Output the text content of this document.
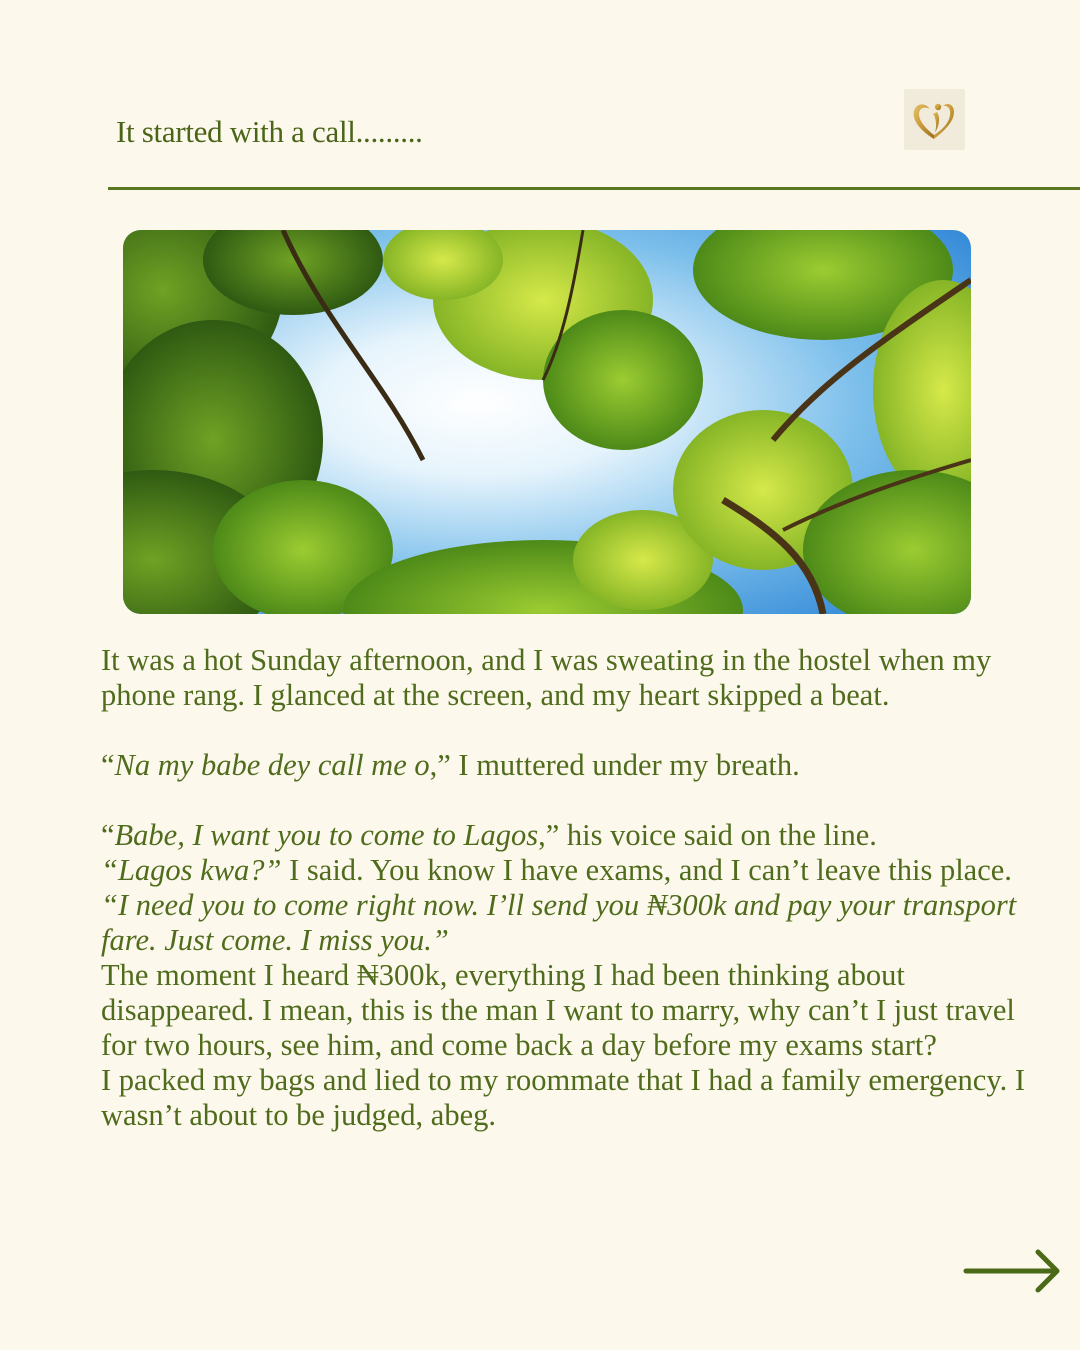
It started with a call.........

It was a hot Sunday afternoon, and I was sweating in the hostel when my phone rang. I glanced at the screen, and my heart skipped a beat.

“Na my babe dey call me o,” I muttered under my breath.

“Babe, I want you to come to Lagos,” his voice said on the line.

“Lagos kwa?” I said. You know I have exams, and I can’t leave this place.

“I need you to come right now. I’ll send you ₦300k and pay your transport fare. Just come. I miss you.”

The moment I heard ₦300k, everything I had been thinking about disappeared. I mean, this is the man I want to marry, why can’t I just travel for two hours, see him, and come back a day before my exams start?

I packed my bags and lied to my roommate that I had a family emergency. I wasn’t about to be judged, abeg.
